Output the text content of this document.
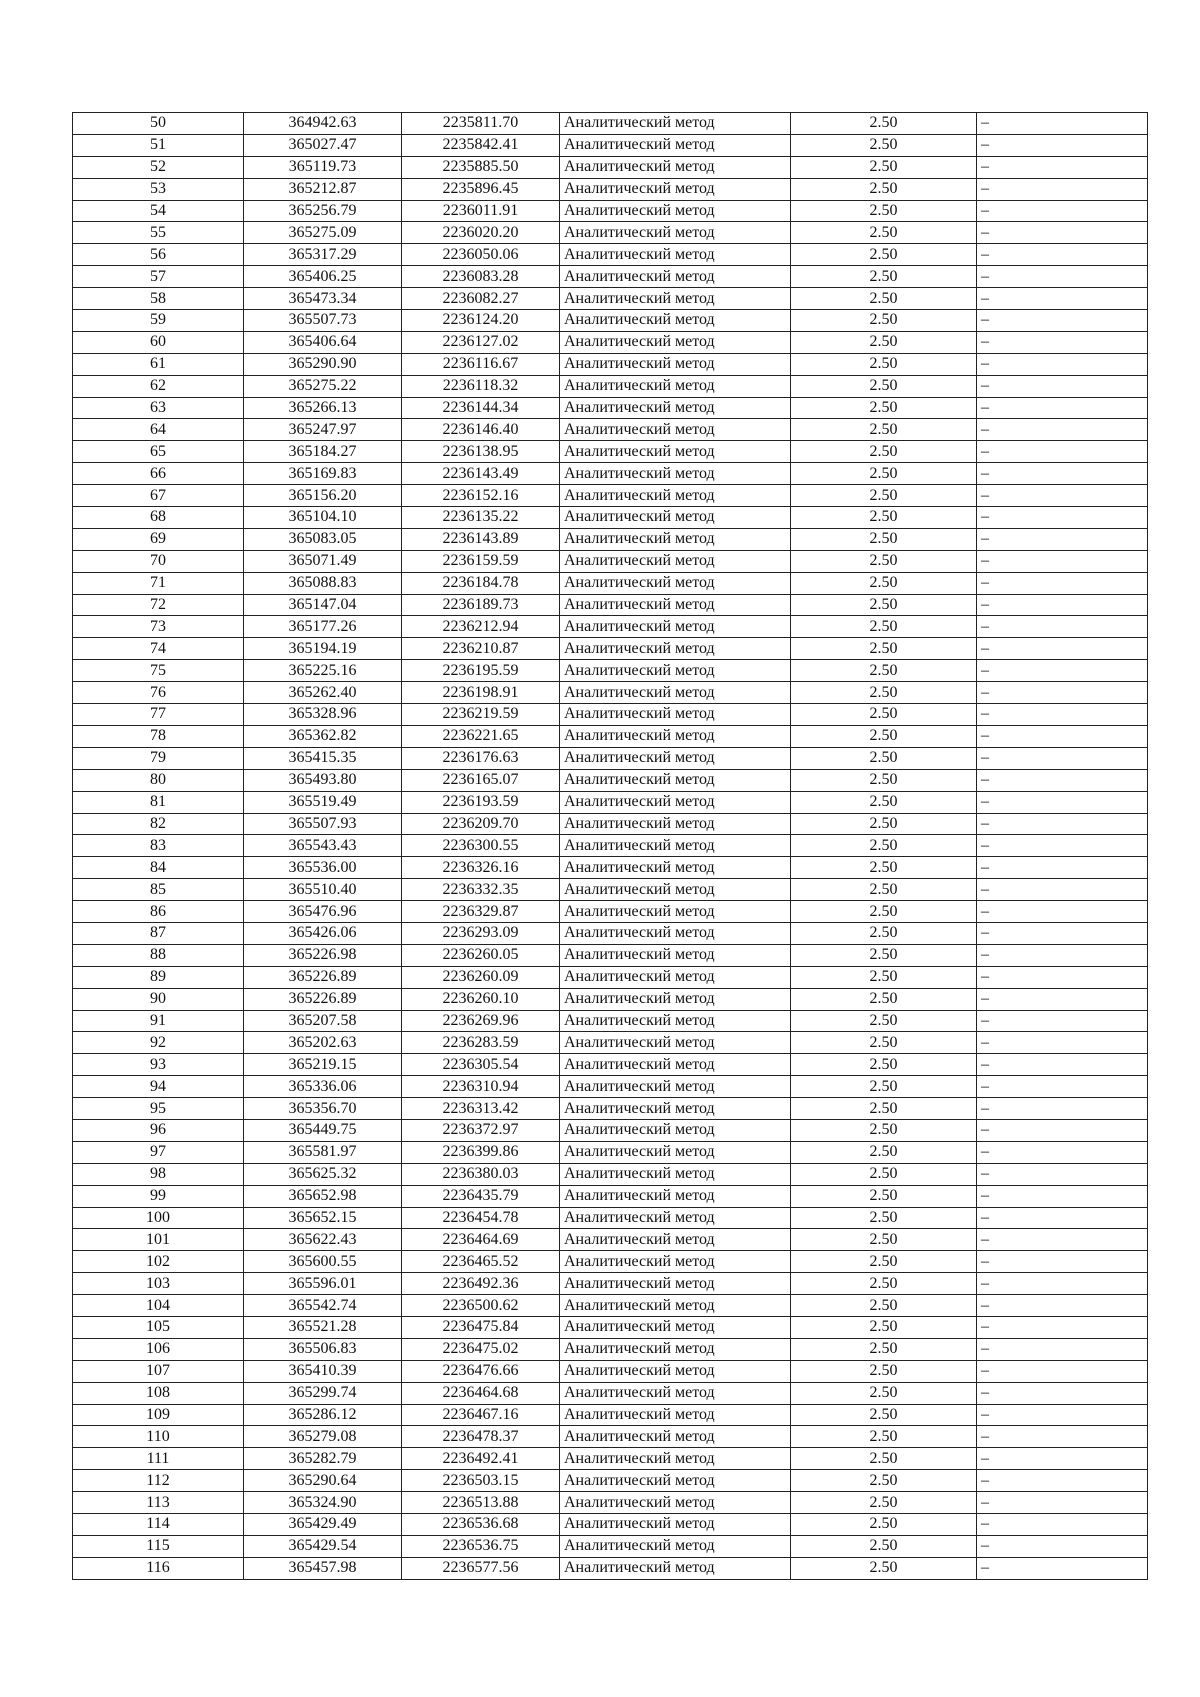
50	364942.63	2235811.70	Аналитический метод	2.50	–
51	365027.47	2235842.41	Аналитический метод	2.50	–
52	365119.73	2235885.50	Аналитический метод	2.50	–
53	365212.87	2235896.45	Аналитический метод	2.50	–
54	365256.79	2236011.91	Аналитический метод	2.50	–
55	365275.09	2236020.20	Аналитический метод	2.50	–
56	365317.29	2236050.06	Аналитический метод	2.50	–
57	365406.25	2236083.28	Аналитический метод	2.50	–
58	365473.34	2236082.27	Аналитический метод	2.50	–
59	365507.73	2236124.20	Аналитический метод	2.50	–
60	365406.64	2236127.02	Аналитический метод	2.50	–
61	365290.90	2236116.67	Аналитический метод	2.50	–
62	365275.22	2236118.32	Аналитический метод	2.50	–
63	365266.13	2236144.34	Аналитический метод	2.50	–
64	365247.97	2236146.40	Аналитический метод	2.50	–
65	365184.27	2236138.95	Аналитический метод	2.50	–
66	365169.83	2236143.49	Аналитический метод	2.50	–
67	365156.20	2236152.16	Аналитический метод	2.50	–
68	365104.10	2236135.22	Аналитический метод	2.50	–
69	365083.05	2236143.89	Аналитический метод	2.50	–
70	365071.49	2236159.59	Аналитический метод	2.50	–
71	365088.83	2236184.78	Аналитический метод	2.50	–
72	365147.04	2236189.73	Аналитический метод	2.50	–
73	365177.26	2236212.94	Аналитический метод	2.50	–
74	365194.19	2236210.87	Аналитический метод	2.50	–
75	365225.16	2236195.59	Аналитический метод	2.50	–
76	365262.40	2236198.91	Аналитический метод	2.50	–
77	365328.96	2236219.59	Аналитический метод	2.50	–
78	365362.82	2236221.65	Аналитический метод	2.50	–
79	365415.35	2236176.63	Аналитический метод	2.50	–
80	365493.80	2236165.07	Аналитический метод	2.50	–
81	365519.49	2236193.59	Аналитический метод	2.50	–
82	365507.93	2236209.70	Аналитический метод	2.50	–
83	365543.43	2236300.55	Аналитический метод	2.50	–
84	365536.00	2236326.16	Аналитический метод	2.50	–
85	365510.40	2236332.35	Аналитический метод	2.50	–
86	365476.96	2236329.87	Аналитический метод	2.50	–
87	365426.06	2236293.09	Аналитический метод	2.50	–
88	365226.98	2236260.05	Аналитический метод	2.50	–
89	365226.89	2236260.09	Аналитический метод	2.50	–
90	365226.89	2236260.10	Аналитический метод	2.50	–
91	365207.58	2236269.96	Аналитический метод	2.50	–
92	365202.63	2236283.59	Аналитический метод	2.50	–
93	365219.15	2236305.54	Аналитический метод	2.50	–
94	365336.06	2236310.94	Аналитический метод	2.50	–
95	365356.70	2236313.42	Аналитический метод	2.50	–
96	365449.75	2236372.97	Аналитический метод	2.50	–
97	365581.97	2236399.86	Аналитический метод	2.50	–
98	365625.32	2236380.03	Аналитический метод	2.50	–
99	365652.98	2236435.79	Аналитический метод	2.50	–
100	365652.15	2236454.78	Аналитический метод	2.50	–
101	365622.43	2236464.69	Аналитический метод	2.50	–
102	365600.55	2236465.52	Аналитический метод	2.50	–
103	365596.01	2236492.36	Аналитический метод	2.50	–
104	365542.74	2236500.62	Аналитический метод	2.50	–
105	365521.28	2236475.84	Аналитический метод	2.50	–
106	365506.83	2236475.02	Аналитический метод	2.50	–
107	365410.39	2236476.66	Аналитический метод	2.50	–
108	365299.74	2236464.68	Аналитический метод	2.50	–
109	365286.12	2236467.16	Аналитический метод	2.50	–
110	365279.08	2236478.37	Аналитический метод	2.50	–
111	365282.79	2236492.41	Аналитический метод	2.50	–
112	365290.64	2236503.15	Аналитический метод	2.50	–
113	365324.90	2236513.88	Аналитический метод	2.50	–
114	365429.49	2236536.68	Аналитический метод	2.50	–
115	365429.54	2236536.75	Аналитический метод	2.50	–
116	365457.98	2236577.56	Аналитический метод	2.50	–
